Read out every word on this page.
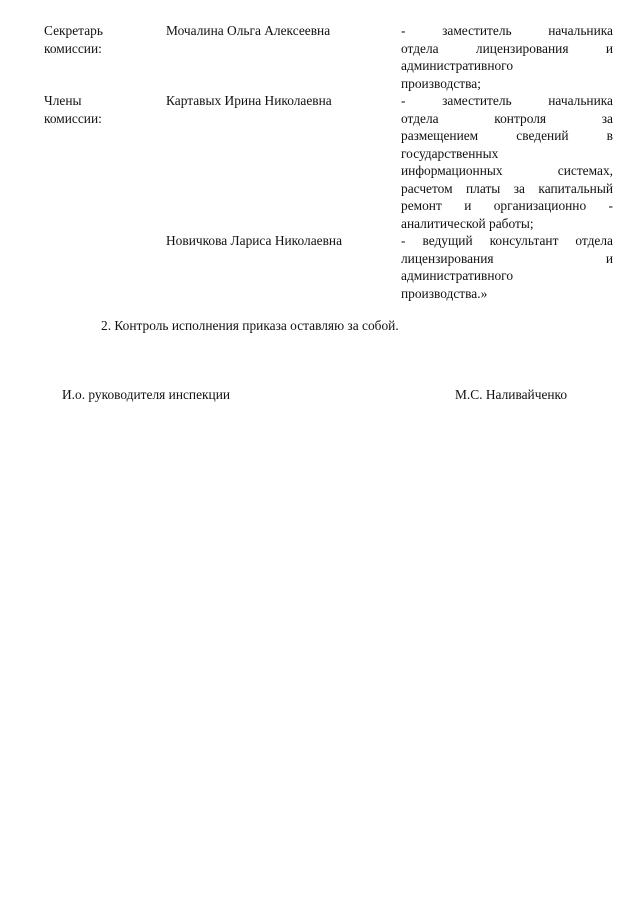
Секретарь
комиссии:
Мочалина Ольга Алексеевна	- заместитель начальника
отдела лицензирования и
административного
производства;
Члены
комиссии:
Картавых Ирина Николаевна	- заместитель начальника
отдела контроля за
размещением сведений в
государственных
информационных системах,
расчетом платы за капитальный
ремонт и организационно -
аналитической работы;
Новичкова Лариса Николаевна	- ведущий консультант отдела
лицензирования и
административного
производства.»
2. Контроль исполнения приказа оставляю за собой.
И.о. руководителя инспекции	М.С. Наливайченко
